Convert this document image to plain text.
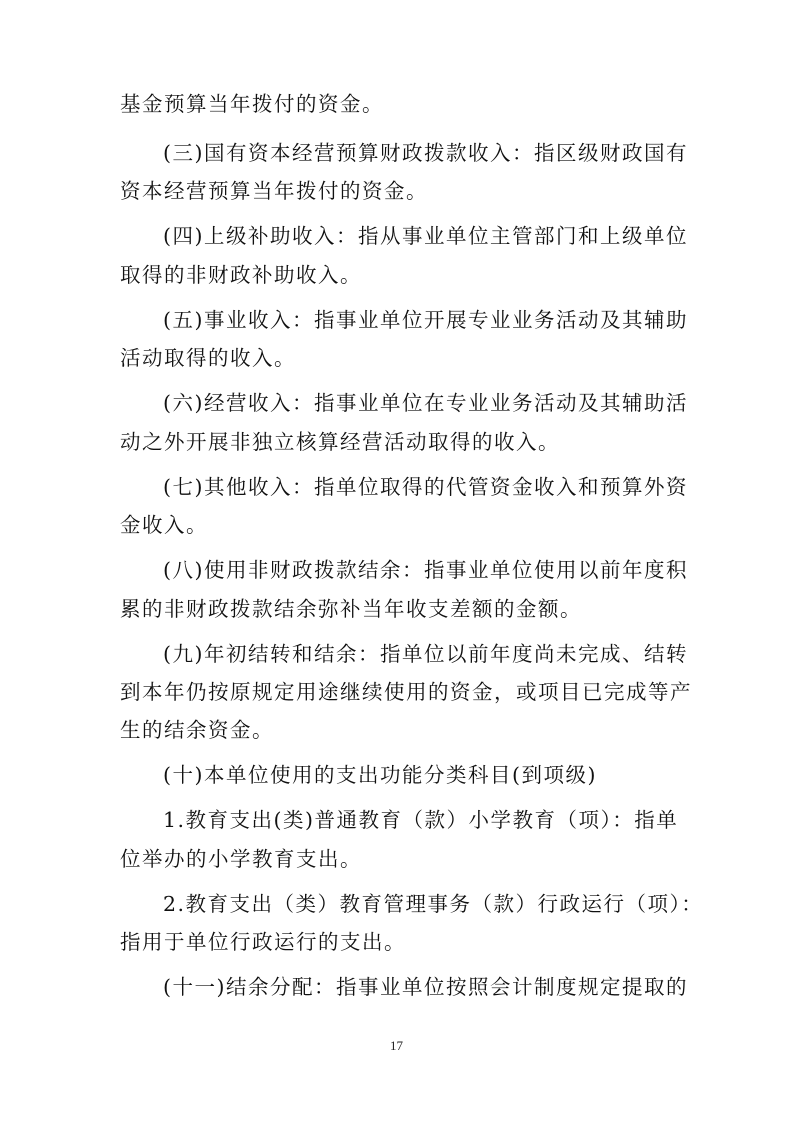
基金预算当年拨付的资金。
(三)国有资本经营预算财政拨款收入：指区级财政国有
资本经营预算当年拨付的资金。
(四)上级补助收入：指从事业单位主管部门和上级单位
取得的非财政补助收入。
(五)事业收入：指事业单位开展专业业务活动及其辅助
活动取得的收入。
(六)经营收入：指事业单位在专业业务活动及其辅助活
动之外开展非独立核算经营活动取得的收入。
(七)其他收入：指单位取得的代管资金收入和预算外资
金收入。
(八)使用非财政拨款结余：指事业单位使用以前年度积
累的非财政拨款结余弥补当年收支差额的金额。
(九)年初结转和结余：指单位以前年度尚未完成、结转
到本年仍按原规定用途继续使用的资金，或项目已完成等产
生的结余资金。
(十)本单位使用的支出功能分类科目(到项级)
1.教育支出(类)普通教育（款）小学教育（项）：指单
位举办的小学教育支出。
2.教育支出（类）教育管理事务（款）行政运行（项）：
指用于单位行政运行的支出。
(十一)结余分配：指事业单位按照会计制度规定提取的
17
